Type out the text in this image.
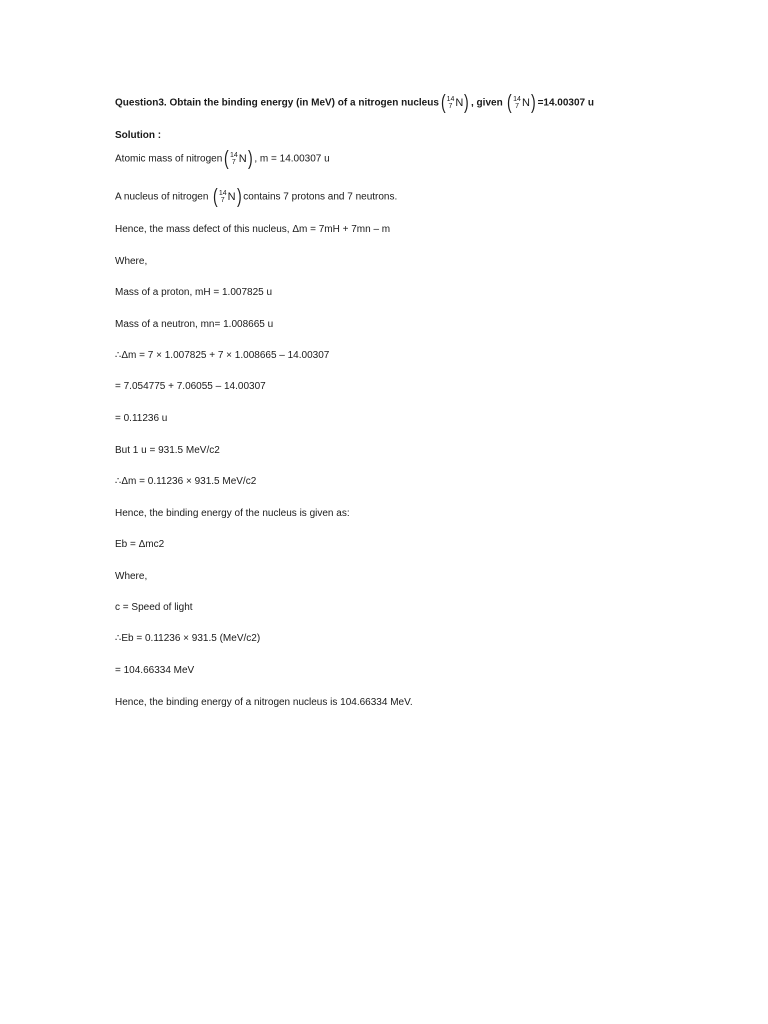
Question3. Obtain the binding energy (in MeV) of a nitrogen nucleus ( 14
7 N) , given ( 14
7 N) =14.00307 u
Solution :
Atomic mass of nitrogen ( 14
7 N) , m = 14.00307 u
A nucleus of nitrogen ( 14
7 N) contains 7 protons and 7 neutrons.
Hence, the mass defect of this nucleus, Δm = 7mH + 7mn – m
Where,
Mass of a proton, mH = 1.007825 u
Mass of a neutron, mn= 1.008665 u
∴Δm = 7 × 1.007825 + 7 × 1.008665 – 14.00307
= 7.054775 + 7.06055 – 14.00307
= 0.11236 u
But 1 u = 931.5 MeV/c2
∴Δm = 0.11236 × 931.5 MeV/c2
Hence, the binding energy of the nucleus is given as:
Eb = Δmc2
Where,
c = Speed of light
∴Eb = 0.11236 × 931.5 (MeV/c2)
= 104.66334 MeV
Hence, the binding energy of a nitrogen nucleus is 104.66334 MeV.
